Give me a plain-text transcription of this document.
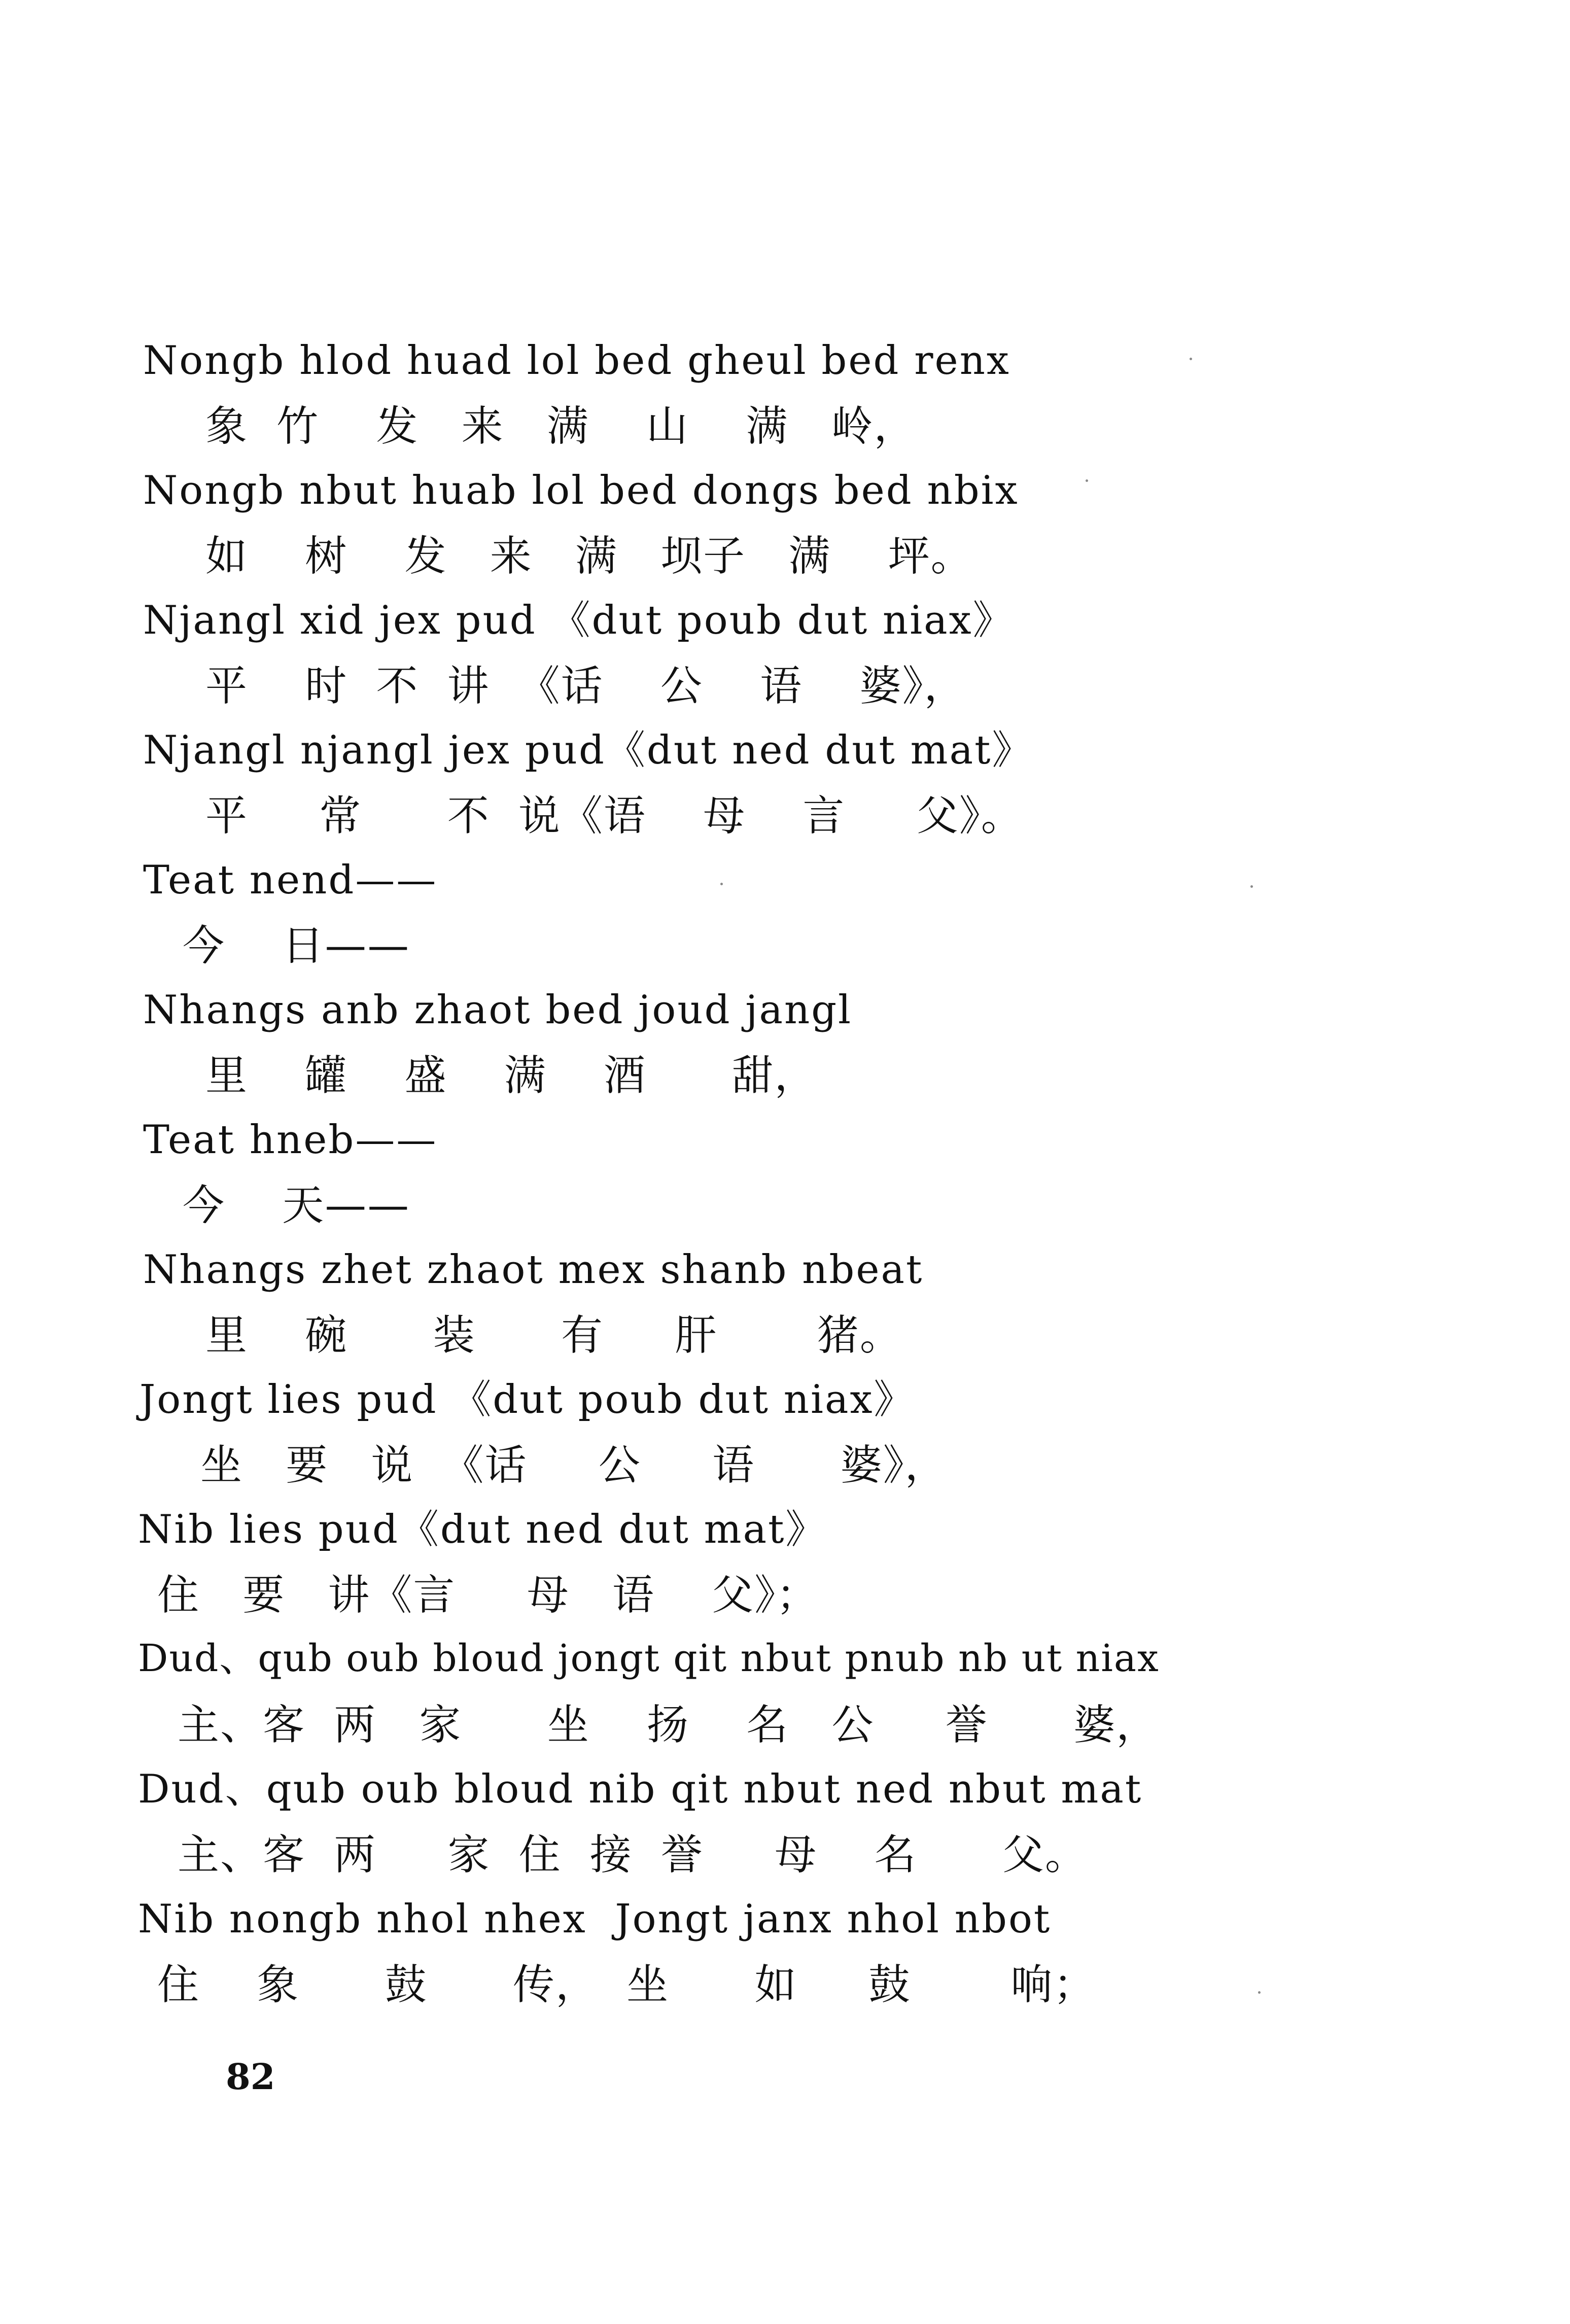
Nongb hlod huad lol bed gheul bed renx
象  竹    发   来   满    山    满   岭，
Nongb nbut huab lol bed dongs bed nbix
如    树    发   来   满   坝子   满    坪。
Njangl xid jex pud 《dut poub dut niax》
平    时  不  讲  《话    公    语    婆》，
Njangl njangl jex pud《dut ned dut mat》
平     常      不  说《语    母    言     父》。
Teat nend——
今    日——
Nhangs anb zhaot bed joud jangl
里    罐    盛    满    酒      甜，
Teat hneb——
今    天——
Nhangs zhet zhaot mex shanb nbeat
里    碗      装      有     肝       猪。
Jongt lies pud 《dut poub dut niax》
坐   要   说  《话     公     语      婆》，
Nib lies pud《dut ned dut mat》
住   要   讲《言     母   语    父》；
Dud、qub oub bloud jongt qit nbut pnub nb ut niax
主、客  两   家      坐    扬    名   公     誉      婆，
Dud、qub oub bloud nib qit nbut ned nbut mat
主、客  两     家  住  接  誉     母    名      父。
Nib nongb nhol nhex  Jongt janx nhol nbot
住    象      鼓      传，  坐      如     鼓       响；
82
